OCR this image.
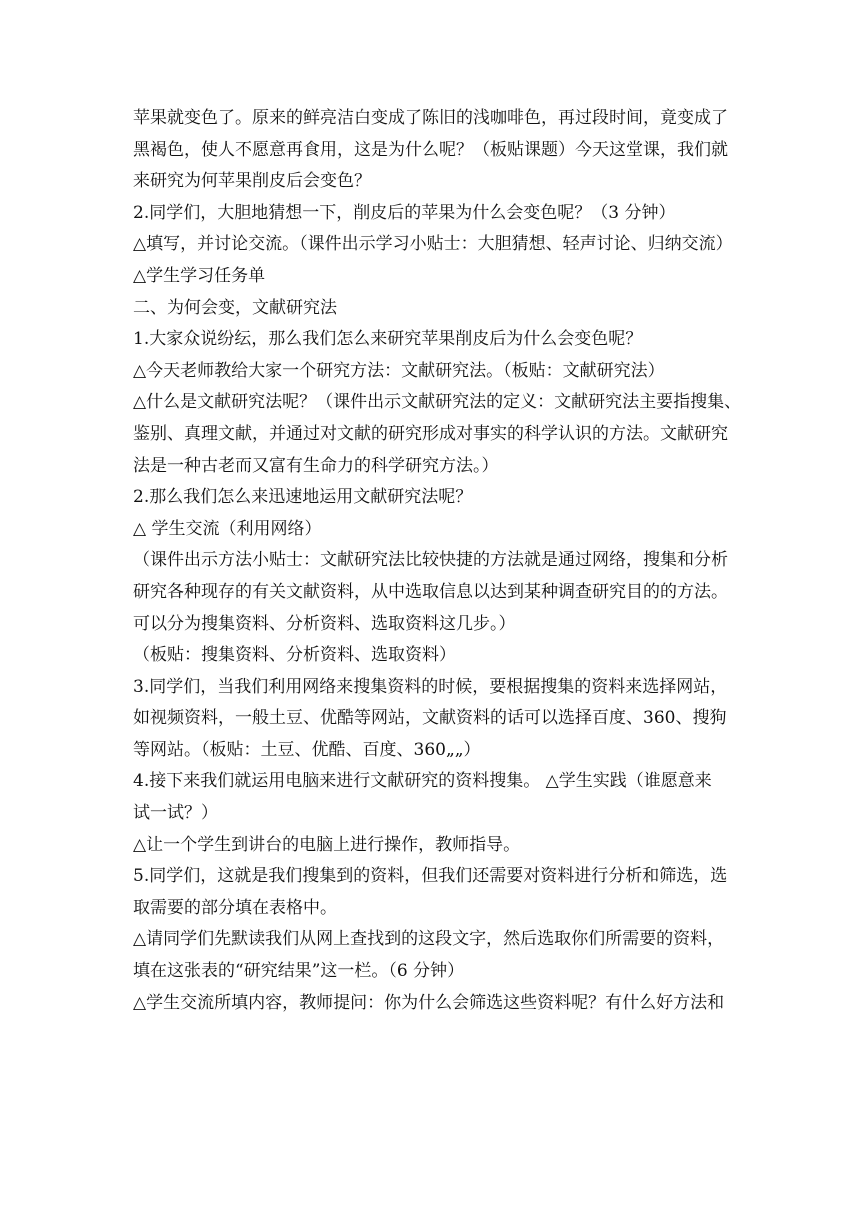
苹果就变色了。原来的鲜亮洁白变成了陈旧的浅咖啡色，再过段时间，竟变成了

黑褐色，使人不愿意再食用，这是为什么呢？（板贴课题）今天这堂课，我们就

来研究为何苹果削皮后会变色？

2.同学们，大胆地猜想一下，削皮后的苹果为什么会变色呢？（3 分钟）

△填写，并讨论交流。（课件出示学习小贴士：大胆猜想、轻声讨论、归纳交流）

△学生学习任务单

二、为何会变，文献研究法

1.大家众说纷纭，那么我们怎么来研究苹果削皮后为什么会变色呢？

△今天老师教给大家一个研究方法：文献研究法。（板贴：文献研究法）

△什么是文献研究法呢？（课件出示文献研究法的定义：文献研究法主要指搜集、

鉴别、真理文献，并通过对文献的研究形成对事实的科学认识的方法。文献研究

法是一种古老而又富有生命力的科学研究方法。）

2.那么我们怎么来迅速地运用文献研究法呢？

△ 学生交流（利用网络）

（课件出示方法小贴士：文献研究法比较快捷的方法就是通过网络，搜集和分析

研究各种现存的有关文献资料，从中选取信息以达到某种调查研究目的的方法。

可以分为搜集资料、分析资料、选取资料这几步。）

（板贴：搜集资料、分析资料、选取资料）

3.同学们，当我们利用网络来搜集资料的时候，要根据搜集的资料来选择网站，

如视频资料，一般土豆、优酷等网站，文献资料的话可以选择百度、360、搜狗

等网站。（板贴：土豆、优酷、百度、360„„）

4.接下来我们就运用电脑来进行文献研究的资料搜集。 △学生实践（谁愿意来

试一试？）

△让一个学生到讲台的电脑上进行操作，教师指导。

5.同学们，这就是我们搜集到的资料，但我们还需要对资料进行分析和筛选，选

取需要的部分填在表格中。

△请同学们先默读我们从网上查找到的这段文字，然后选取你们所需要的资料，

填在这张表的“研究结果”这一栏。（6 分钟）

△学生交流所填内容，教师提问：你为什么会筛选这些资料呢？有什么好方法和
